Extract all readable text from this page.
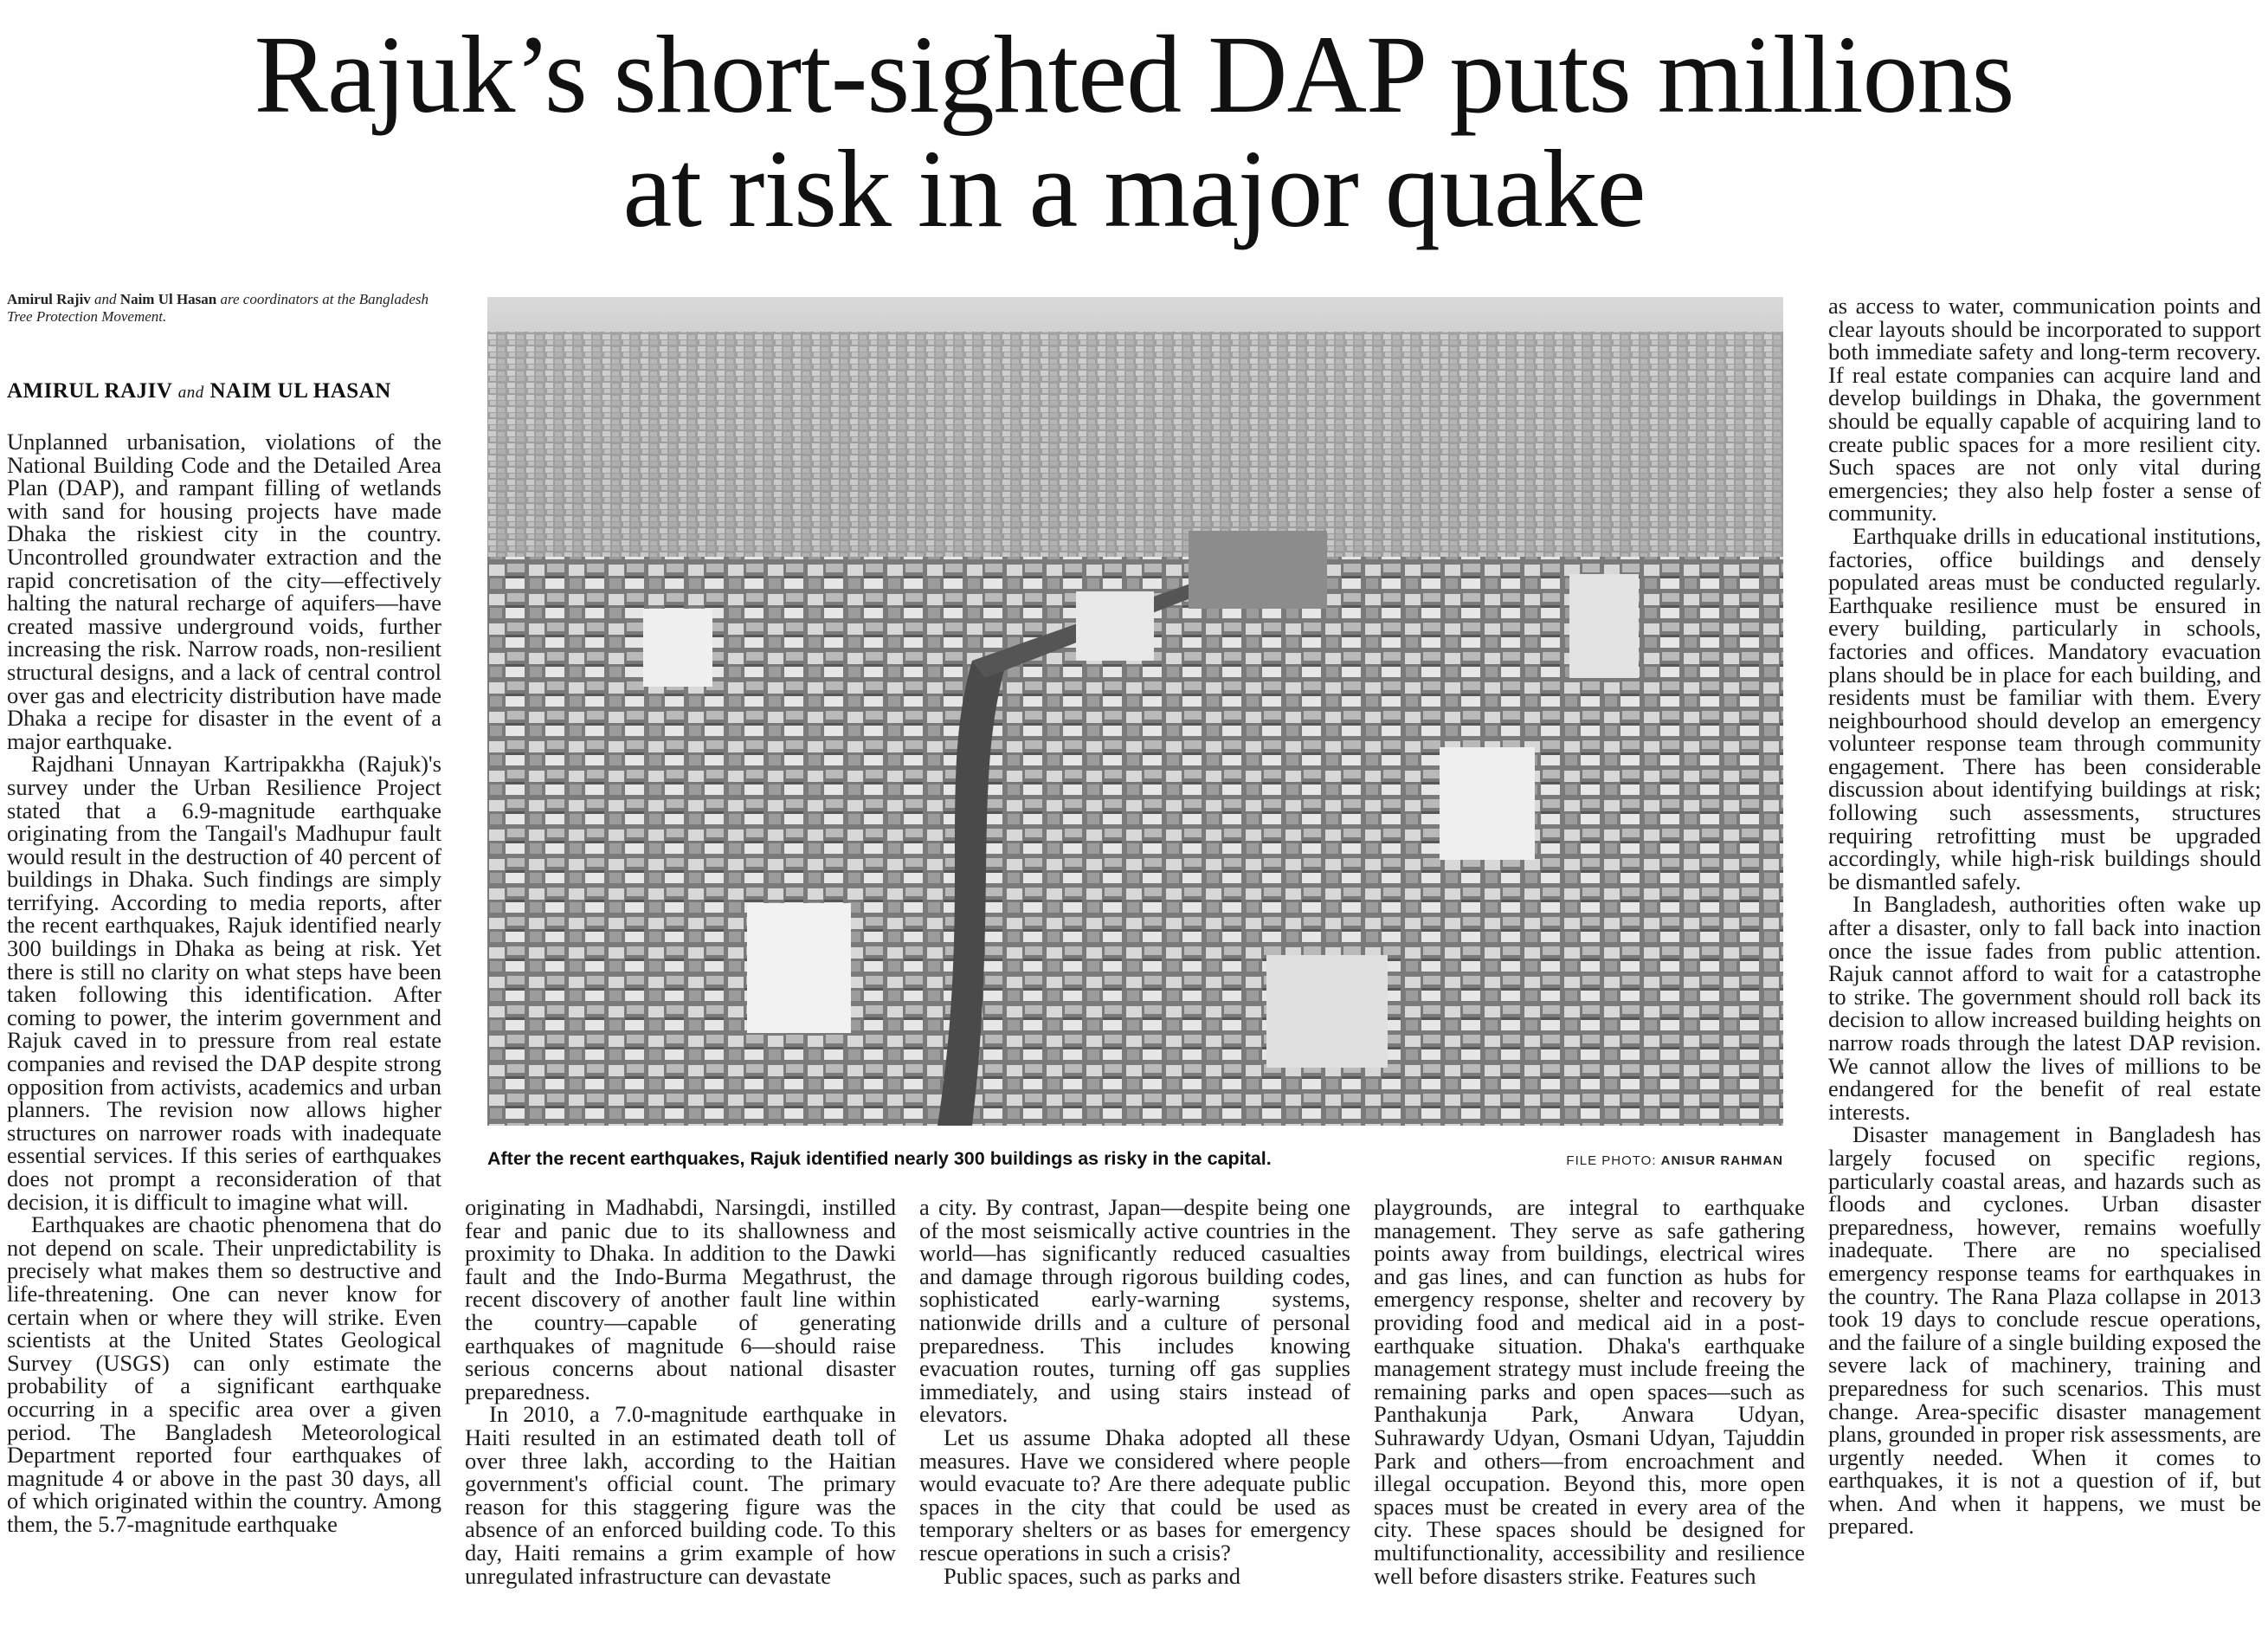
Rajuk’s short-sighted DAP puts millions
at risk in a major quake
Amirul Rajiv and Naim Ul Hasan are coordinators at the Bangladesh Tree Protection Movement.
AMIRUL RAJIV and NAIM UL HASAN

Unplanned urbanisation, violations of the National Building Code and the Detailed Area Plan (DAP), and rampant filling of wetlands with sand for housing projects have made Dhaka the riskiest city in the country. Uncontrolled groundwater extraction and the rapid concretisation of the city—effectively halting the natural recharge of aquifers—have created massive underground voids, further increasing the risk. Narrow roads, non-resilient structural designs, and a lack of central control over gas and electricity distribution have made Dhaka a recipe for disaster in the event of a major earthquake.

Rajdhani Unnayan Kartripakkha (Rajuk)'s survey under the Urban Resilience Project stated that a 6.9-magnitude earthquake originating from the Tangail's Madhupur fault would result in the destruction of 40 percent of buildings in Dhaka. Such findings are simply terrifying. According to media reports, after the recent earthquakes, Rajuk identified nearly 300 buildings in Dhaka as being at risk. Yet there is still no clarity on what steps have been taken following this identification. After coming to power, the interim government and Rajuk caved in to pressure from real estate companies and revised the DAP despite strong opposition from activists, academics and urban planners. The revision now allows higher structures on narrower roads with inadequate essential services. If this series of earthquakes does not prompt a reconsideration of that decision, it is difficult to imagine what will.

Earthquakes are chaotic phenomena that do not depend on scale. Their unpredictability is precisely what makes them so destructive and life-threatening. One can never know for certain when or where they will strike. Even scientists at the United States Geological Survey (USGS) can only estimate the probability of a significant earthquake occurring in a specific area over a given period. The Bangladesh Meteorological Department reported four earthquakes of magnitude 4 or above in the past 30 days, all of which originated within the country. Among them, the 5.7-magnitude earthquake

After the recent earthquakes, Rajuk identified nearly 300 buildings as risky in the capital.	FILE PHOTO: ANISUR RAHMAN

originating in Madhabdi, Narsingdi, instilled fear and panic due to its shallowness and proximity to Dhaka. In addition to the Dawki fault and the Indo-Burma Megathrust, the recent discovery of another fault line within the country—capable of generating earthquakes of magnitude 6—should raise serious concerns about national disaster preparedness.

In 2010, a 7.0-magnitude earthquake in Haiti resulted in an estimated death toll of over three lakh, according to the Haitian government's official count. The primary reason for this staggering figure was the absence of an enforced building code. To this day, Haiti remains a grim example of how unregulated infrastructure can devastate

a city. By contrast, Japan—despite being one of the most seismically active countries in the world—has significantly reduced casualties and damage through rigorous building codes, sophisticated early-warning systems, nationwide drills and a culture of personal preparedness. This includes knowing evacuation routes, turning off gas supplies immediately, and using stairs instead of elevators.

Let us assume Dhaka adopted all these measures. Have we considered where people would evacuate to? Are there adequate public spaces in the city that could be used as temporary shelters or as bases for emergency rescue operations in such a crisis?

Public spaces, such as parks and

playgrounds, are integral to earthquake management. They serve as safe gathering points away from buildings, electrical wires and gas lines, and can function as hubs for emergency response, shelter and recovery by providing food and medical aid in a post-earthquake situation. Dhaka's earthquake management strategy must include freeing the remaining parks and open spaces—such as Panthakunja Park, Anwara Udyan, Suhrawardy Udyan, Osmani Udyan, Tajuddin Park and others—from encroachment and illegal occupation. Beyond this, more open spaces must be created in every area of the city. These spaces should be designed for multifunctionality, accessibility and resilience well before disasters strike. Features such

as access to water, communication points and clear layouts should be incorporated to support both immediate safety and long-term recovery. If real estate companies can acquire land and develop buildings in Dhaka, the government should be equally capable of acquiring land to create public spaces for a more resilient city. Such spaces are not only vital during emergencies; they also help foster a sense of community.

Earthquake drills in educational institutions, factories, office buildings and densely populated areas must be conducted regularly. Earthquake resilience must be ensured in every building, particularly in schools, factories and offices. Mandatory evacuation plans should be in place for each building, and residents must be familiar with them. Every neighbourhood should develop an emergency volunteer response team through community engagement. There has been considerable discussion about identifying buildings at risk; following such assessments, structures requiring retrofitting must be upgraded accordingly, while high-risk buildings should be dismantled safely.

In Bangladesh, authorities often wake up after a disaster, only to fall back into inaction once the issue fades from public attention. Rajuk cannot afford to wait for a catastrophe to strike. The government should roll back its decision to allow increased building heights on narrow roads through the latest DAP revision. We cannot allow the lives of millions to be endangered for the benefit of real estate interests.

Disaster management in Bangladesh has largely focused on specific regions, particularly coastal areas, and hazards such as floods and cyclones. Urban disaster preparedness, however, remains woefully inadequate. There are no specialised emergency response teams for earthquakes in the country. The Rana Plaza collapse in 2013 took 19 days to conclude rescue operations, and the failure of a single building exposed the severe lack of machinery, training and preparedness for such scenarios. This must change. Area-specific disaster management plans, grounded in proper risk assessments, are urgently needed. When it comes to earthquakes, it is not a question of if, but when. And when it happens, we must be prepared.
